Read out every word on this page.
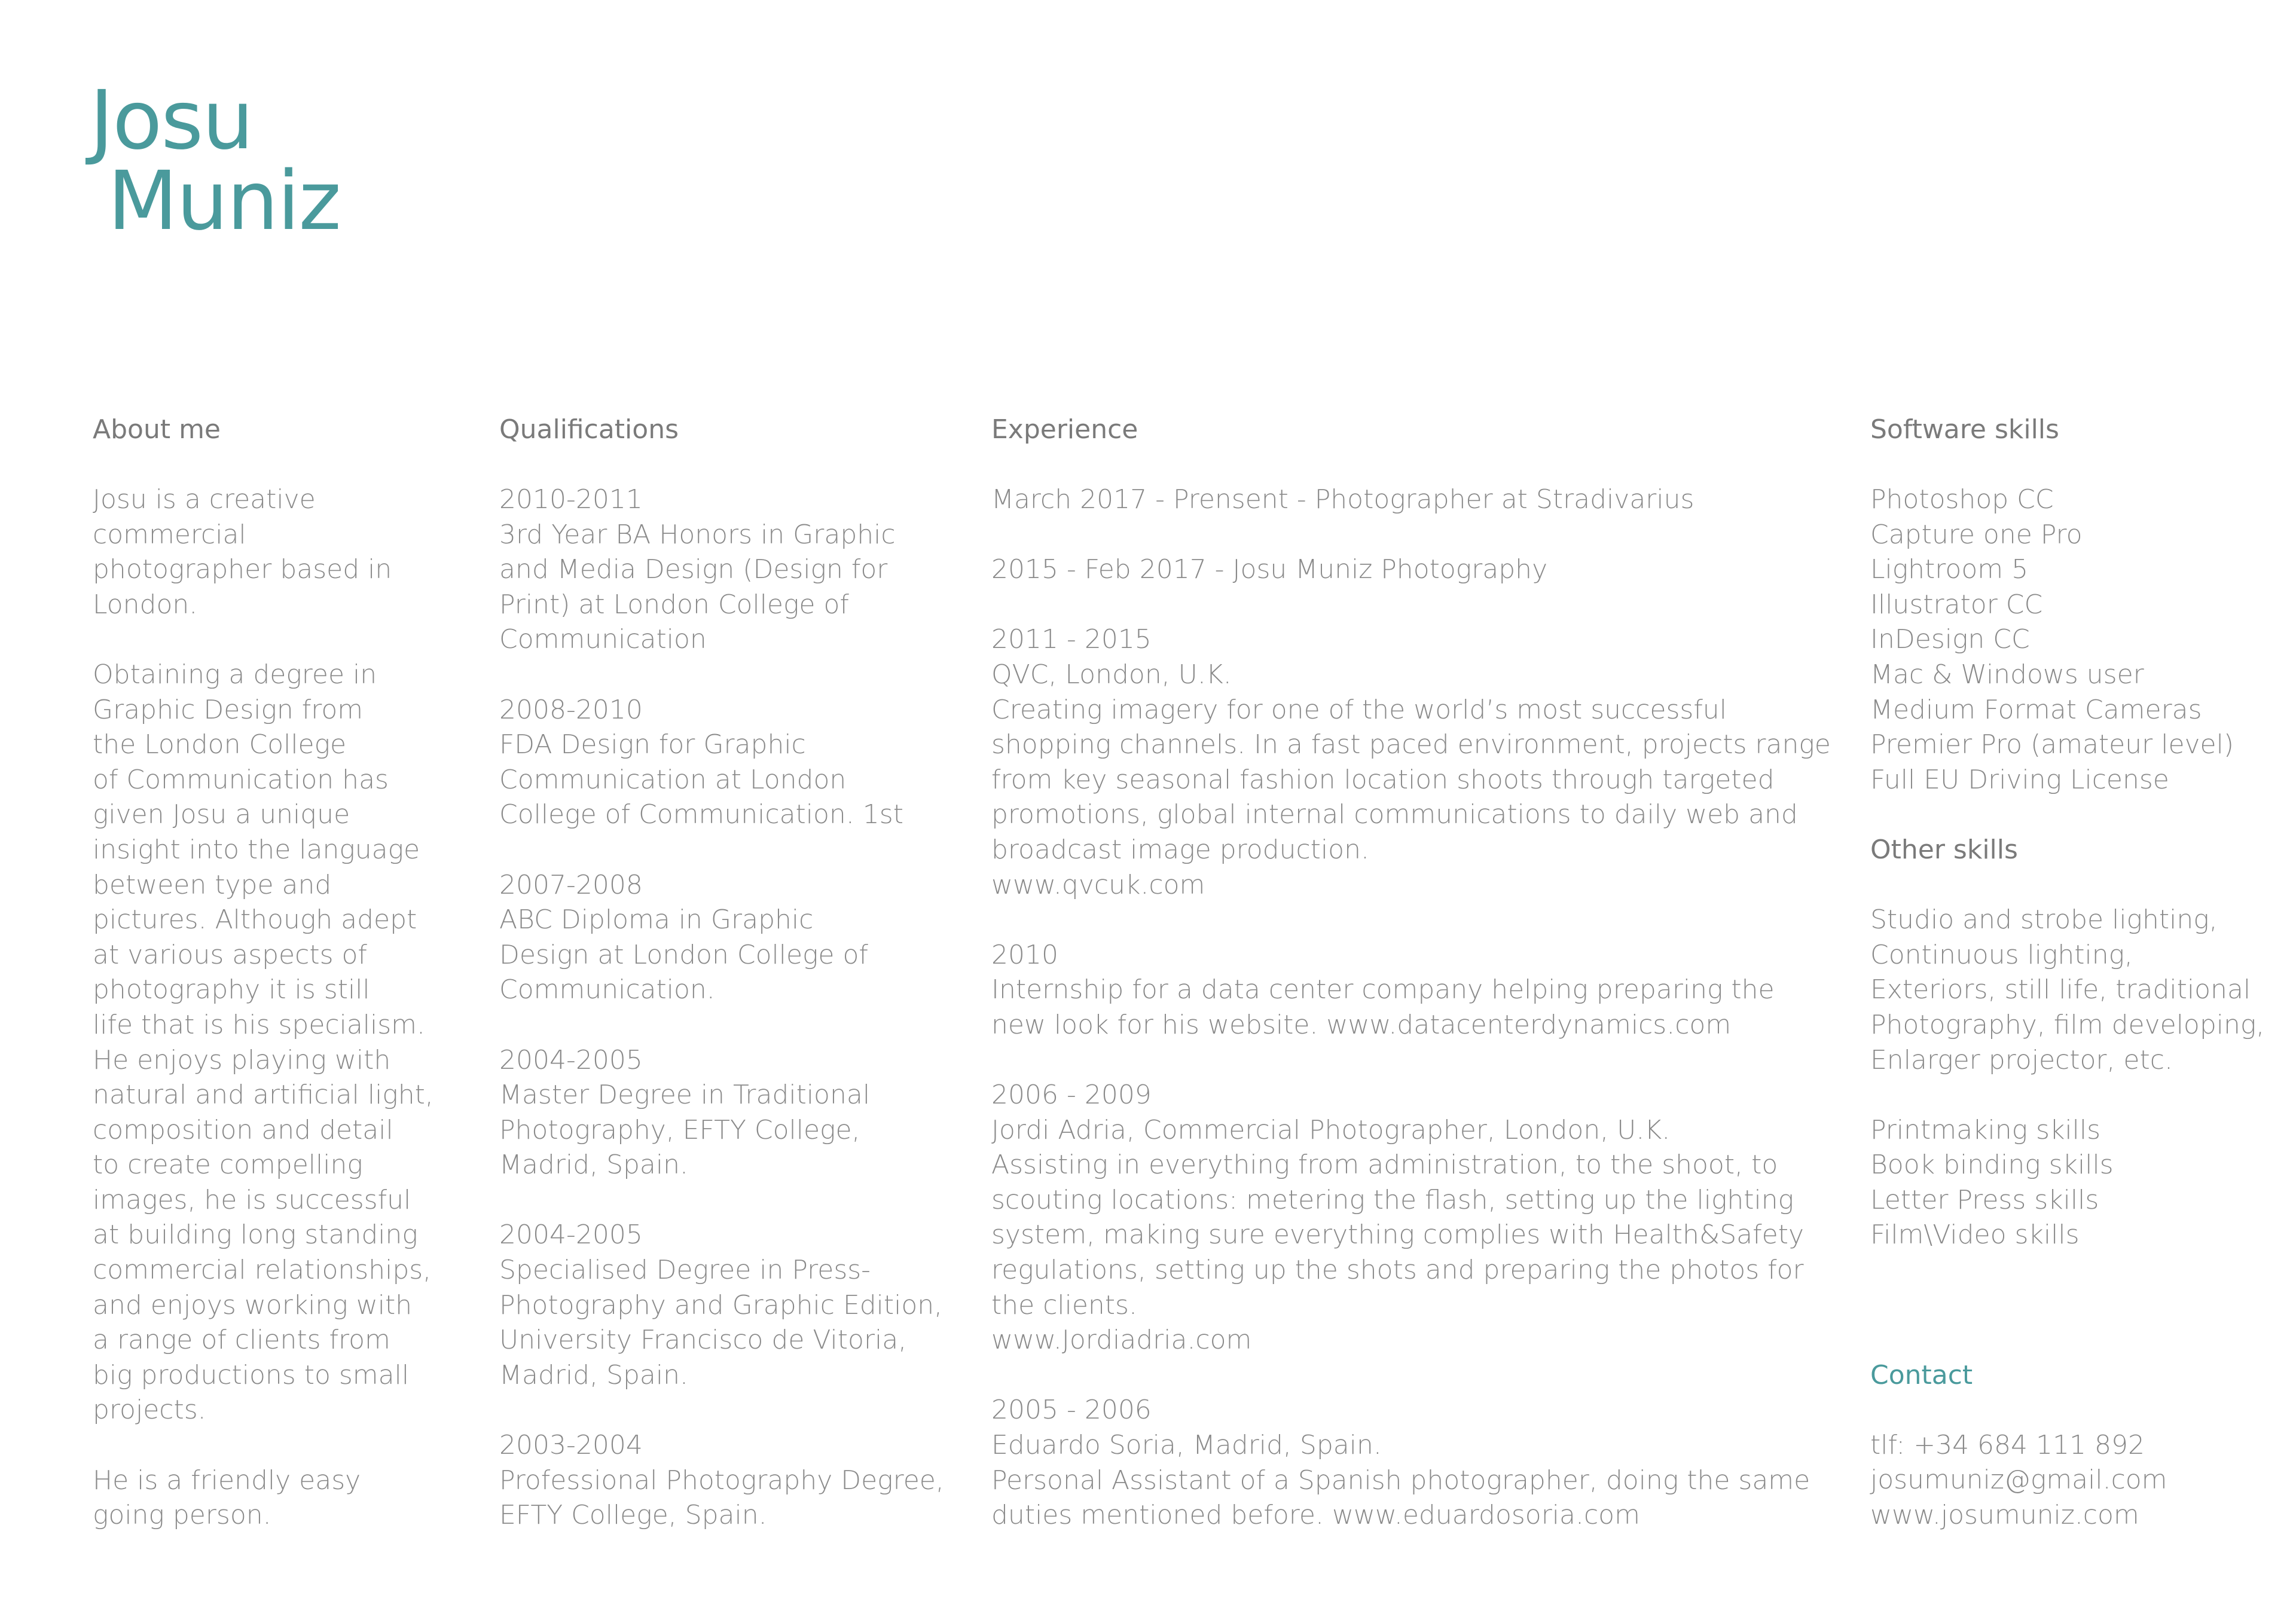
Josu
Muniz
About me
Josu is a creative
commercial
photographer based in
London.
Obtaining a degree in
Graphic Design from
the London College
of Communication has
given Josu a unique
insight into the language
between type and
pictures. Although adept
at various aspects of
photography it is still
life that is his specialism.
He enjoys playing with
natural and artificial light,
composition and detail
to create compelling
images, he is successful
at building long standing
commercial relationships,
and enjoys working with
a range of clients from
big productions to small
projects.
He is a friendly easy
going person.
Qualifications
2010-2011
3rd Year BA Honors in Graphic
and Media Design (Design for
Print) at London College of
Communication
2008-2010
FDA Design for Graphic
Communication at London
College of Communication. 1st
2007-2008
ABC Diploma in Graphic
Design at London College of
Communication.
2004-2005
Master Degree in Traditional
Photography, EFTY College,
Madrid, Spain.
2004-2005
Specialised Degree in Press-
Photography and Graphic Edition,
University Francisco de Vitoria,
Madrid, Spain.
2003-2004
Professional Photography Degree,
EFTY College, Spain.
Experience
March 2017 - Prensent - Photographer at Stradivarius
2015 - Feb 2017 - Josu Muniz Photography
2011 - 2015
QVC, London, U.K.
Creating imagery for one of the world’s most successful
shopping channels. In a fast paced environment, projects range
from key seasonal fashion location shoots through targeted
promotions, global internal communications to daily web and
broadcast image production.
www.qvcuk.com
2010
Internship for a data center company helping preparing the
new look for his website. www.datacenterdynamics.com
2006 - 2009
Jordi Adria, Commercial Photographer, London, U.K.
Assisting in everything from administration, to the shoot, to
scouting locations: metering the flash, setting up the lighting
system, making sure everything complies with Health&Safety
regulations, setting up the shots and preparing the photos for
the clients.
www.Jordiadria.com
2005 - 2006
Eduardo Soria, Madrid, Spain.
Personal Assistant of a Spanish photographer, doing the same
duties mentioned before. www.eduardosoria.com
Software skills
Photoshop CC
Capture one Pro
Lightroom 5
Illustrator CC
InDesign CC
Mac & Windows user
Medium Format Cameras
Premier Pro (amateur level)
Full EU Driving License
Other skills
Studio and strobe lighting,
Continuous lighting,
Exteriors, still life, traditional
Photography, film developing,
Enlarger projector, etc.
Printmaking skills
Book binding skills
Letter Press skills
Film\Video skills
Contact
tlf: +34 684 111 892
josumuniz@gmail.com
www.josumuniz.com
